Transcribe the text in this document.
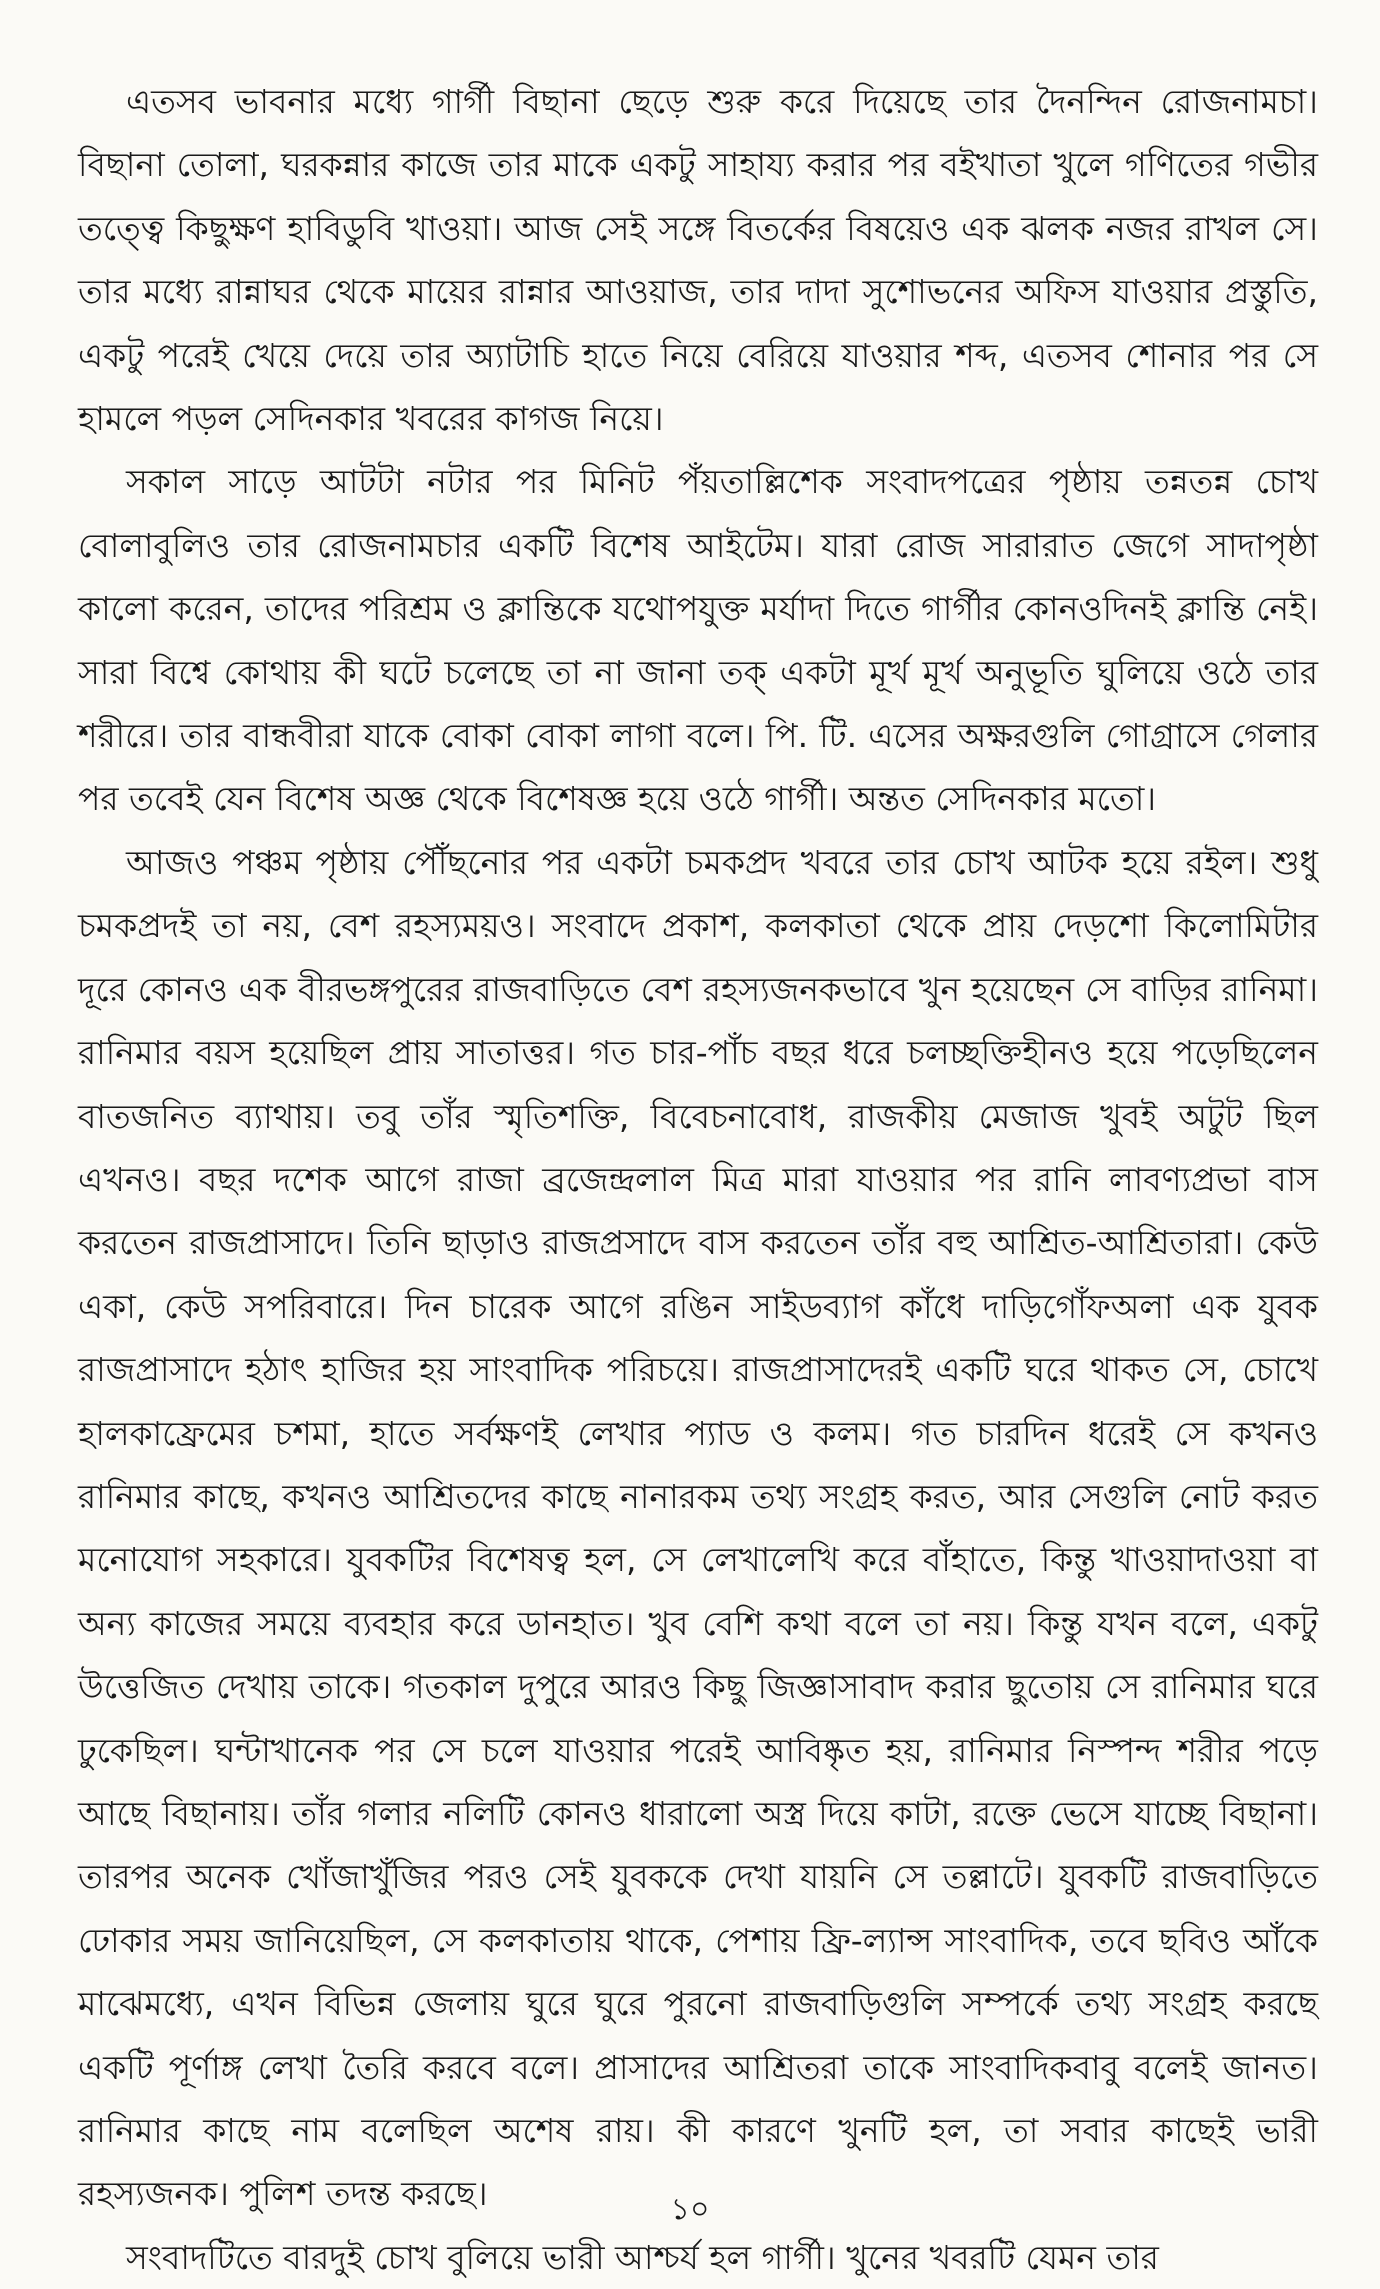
এতসব ভাবনার মধ্যে গার্গী বিছানা ছেড়ে শুরু করে দিয়েছে তার দৈনন্দিন রোজনামচা। বিছানা তোলা, ঘরকন্নার কাজে তার মাকে একটু সাহায্য করার পর বইখাতা খুলে গণিতের গভীর তত্ত্বে কিছুক্ষণ হাবিডুবি খাওয়া। আজ সেই সঙ্গে বিতর্কের বিষয়েও এক ঝলক নজর রাখল সে। তার মধ্যে রান্নাঘর থেকে মায়ের রান্নার আওয়াজ, তার দাদা সুশোভনের অফিস যাওয়ার প্রস্তুতি, একটু পরেই খেয়ে দেয়ে তার অ্যাটাচি হাতে নিয়ে বেরিয়ে যাওয়ার শব্দ, এতসব শোনার পর সে হামলে পড়ল সেদিনকার খবরের কাগজ নিয়ে।

সকাল সাড়ে আটটা নটার পর মিনিট পঁয়তাল্লিশেক সংবাদপত্রের পৃষ্ঠায় তন্নতন্ন চোখ বোলাবুলিও তার রোজনামচার একটি বিশেষ আইটেম। যারা রোজ সারারাত জেগে সাদাপৃষ্ঠা কালো করেন, তাদের পরিশ্রম ও ক্লান্তিকে যথোপযুক্ত মর্যাদা দিতে গার্গীর কোনওদিনই ক্লান্তি নেই। সারা বিশ্বে কোথায় কী ঘটে চলেছে তা না জানা তক্ একটা মূর্খ মূর্খ অনুভূতি ঘুলিয়ে ওঠে তার শরীরে। তার বান্ধবীরা যাকে বোকা বোকা লাগা বলে। পি. টি. এসের অক্ষরগুলি গোগ্রাসে গেলার পর তবেই যেন বিশেষ অজ্ঞ থেকে বিশেষজ্ঞ হয়ে ওঠে গার্গী। অন্তত সেদিনকার মতো।

আজও পঞ্চম পৃষ্ঠায় পৌঁছনোর পর একটা চমকপ্রদ খবরে তার চোখ আটক হয়ে রইল। শুধু চমকপ্রদই তা নয়, বেশ রহস্যময়ও। সংবাদে প্রকাশ, কলকাতা থেকে প্রায় দেড়শো কিলোমিটার দূরে কোনও এক বীরভঙ্গপুরের রাজবাড়িতে বেশ রহস্যজনকভাবে খুন হয়েছেন সে বাড়ির রানিমা। রানিমার বয়স হয়েছিল প্রায় সাতাত্তর। গত চার-পাঁচ বছর ধরে চলচ্ছক্তিহীনও হয়ে পড়েছিলেন বাতজনিত ব্যাথায়। তবু তাঁর স্মৃতিশক্তি, বিবেচনাবোধ, রাজকীয় মেজাজ খুবই অটুট ছিল এখনও। বছর দশেক আগে রাজা ব্রজেন্দ্রলাল মিত্র মারা যাওয়ার পর রানি লাবণ্যপ্রভা বাস করতেন রাজপ্রাসাদে। তিনি ছাড়াও রাজপ্রসাদে বাস করতেন তাঁর বহু আশ্রিত-আশ্রিতারা। কেউ একা, কেউ সপরিবারে। দিন চারেক আগে রঙিন সাইডব্যাগ কাঁধে দাড়িগোঁফঅলা এক যুবক রাজপ্রাসাদে হঠাৎ হাজির হয় সাংবাদিক পরিচয়ে। রাজপ্রাসাদেরই একটি ঘরে থাকত সে, চোখে হালকাফ্রেমের চশমা, হাতে সর্বক্ষণই লেখার প্যাড ও কলম। গত চারদিন ধরেই সে কখনও রানিমার কাছে, কখনও আশ্রিতদের কাছে নানারকম তথ্য সংগ্রহ করত, আর সেগুলি নোট করত মনোযোগ সহকারে। যুবকটির বিশেষত্ব হল, সে লেখালেখি করে বাঁহাতে, কিন্তু খাওয়াদাওয়া বা অন্য কাজের সময়ে ব্যবহার করে ডানহাত। খুব বেশি কথা বলে তা নয়। কিন্তু যখন বলে, একটু উত্তেজিত দেখায় তাকে। গতকাল দুপুরে আরও কিছু জিজ্ঞাসাবাদ করার ছুতোয় সে রানিমার ঘরে ঢুকেছিল। ঘন্টাখানেক পর সে চলে যাওয়ার পরেই আবিষ্কৃত হয়, রানিমার নিস্পন্দ শরীর পড়ে আছে বিছানায়। তাঁর গলার নলিটি কোনও ধারালো অস্ত্র দিয়ে কাটা, রক্তে ভেসে যাচ্ছে বিছানা। তারপর অনেক খোঁজাখুঁজির পরও সেই যুবককে দেখা যায়নি সে তল্লাটে। যুবকটি রাজবাড়িতে ঢোকার সময় জানিয়েছিল, সে কলকাতায় থাকে, পেশায় ফ্রি-ল্যান্স সাংবাদিক, তবে ছবিও আঁকে মাঝেমধ্যে, এখন বিভিন্ন জেলায় ঘুরে ঘুরে পুরনো রাজবাড়িগুলি সম্পর্কে তথ্য সংগ্রহ করছে একটি পূর্ণাঙ্গ লেখা তৈরি করবে বলে। প্রাসাদের আশ্রিতরা তাকে সাংবাদিকবাবু বলেই জানত। রানিমার কাছে নাম বলেছিল অশেষ রায়। কী কারণে খুনটি হল, তা সবার কাছেই ভারী রহস্যজনক। পুলিশ তদন্ত করছে।

সংবাদটিতে বারদুই চোখ বুলিয়ে ভারী আশ্চর্য হল গার্গী। খুনের খবরটি যেমন তার

১০
